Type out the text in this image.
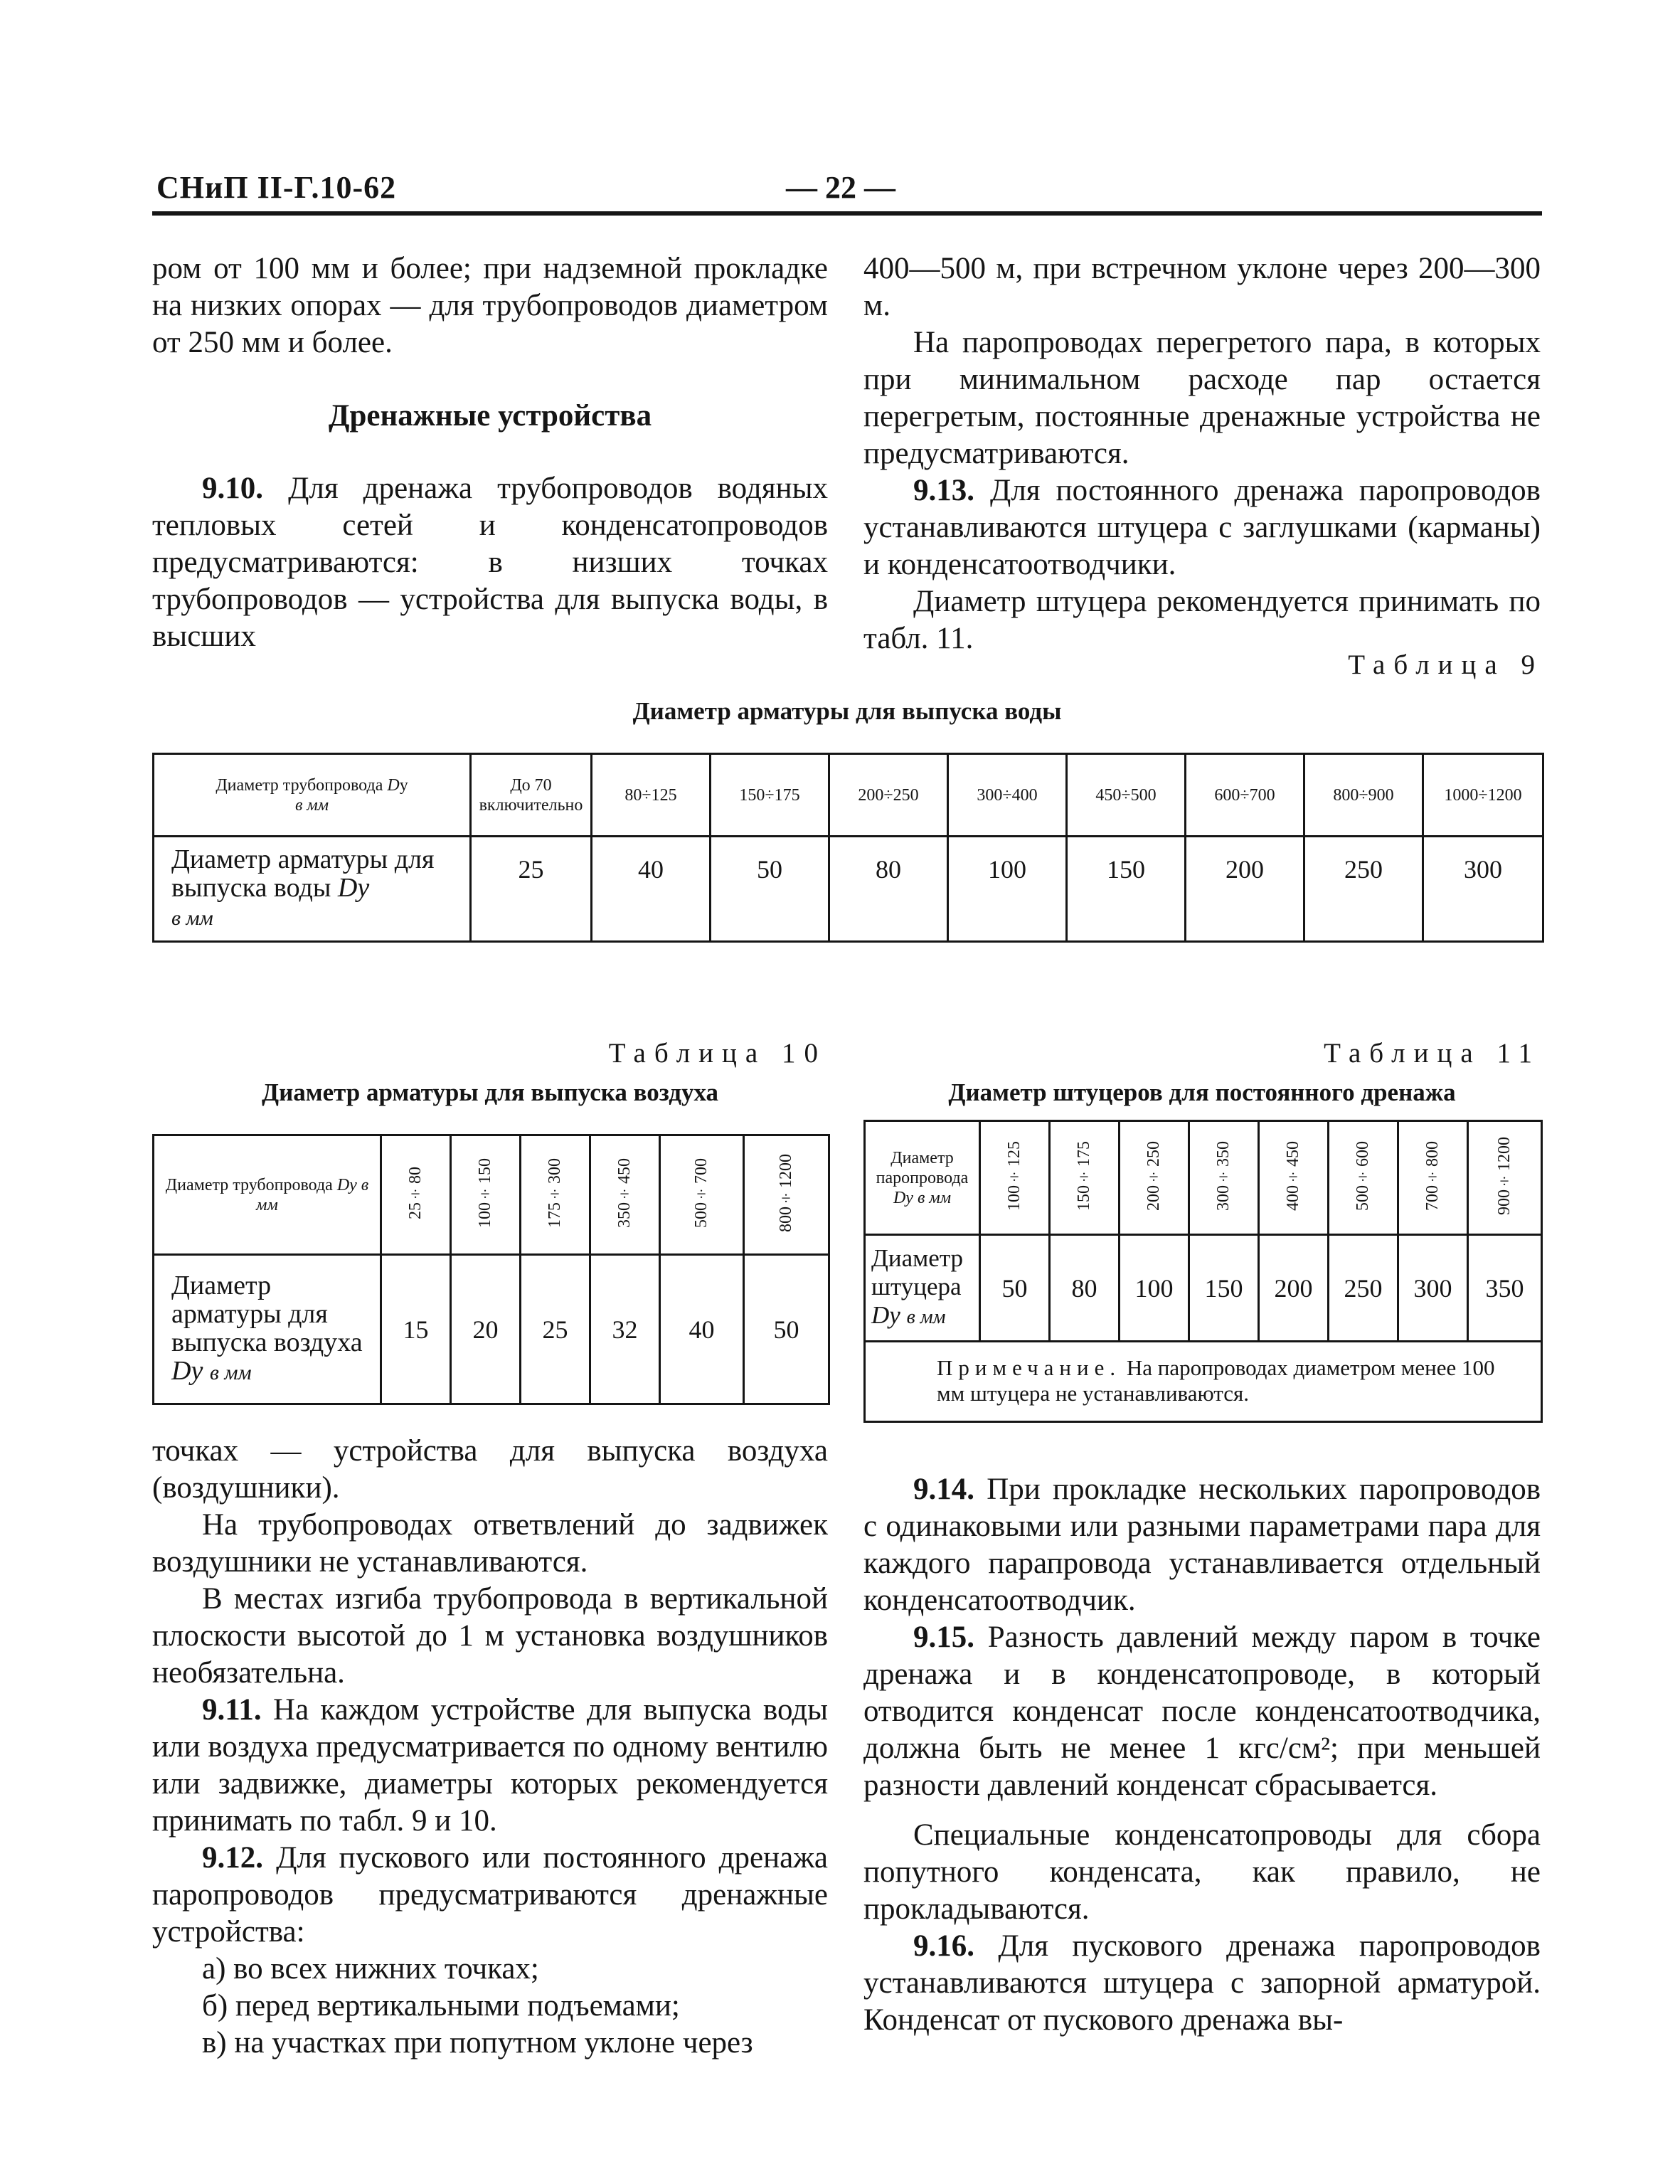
СНиП II-Г.10-62	— 22 —

ром от 100 мм и более; при надземной прокладке на низких опорах — для трубопроводов диаметром от 250 мм и более.

Дренажные устройства

9.10. Для дренажа трубопроводов водяных тепловых сетей и конденсатопроводов предусматриваются: в низших точках трубопроводов — устройства для выпуска воды, в высших

400—500 м, при встречном уклоне через 200—300 м.

На паропроводах перегретого пара, в которых при минимальном расходе пар остается перегретым, постоянные дренажные устройства не предусматриваются.

9.13. Для постоянного дренажа паропроводов устанавливаются штуцера с заглушками (карманы) и конденсатоотводчики.

Диаметр штуцера рекомендуется принимать по табл. 11.

Таблица 9
Диаметр арматуры для выпуска воды
Диаметр трубопровода Dу
в мм	До 70 включительно	80÷125	150÷175	200÷250	300÷400	450÷500	600÷700	800÷900	1000÷1200
Диаметр арматуры для выпуска воды Dу
в мм	25	40	50	80	100	150	200	250	300
Таблица 10
Диаметр арматуры для выпуска воздуха
Диаметр трубопровода Dу в мм	25÷80	100÷150	175÷300	350÷450	500÷700	800÷1200
Диаметр арматуры для выпуска воздуха
Dу в мм	15	20	25	32	40	50
Таблица 11
Диаметр штуцеров для постоянного дренажа
Диаметр паропровода
Dу в мм	100÷125	150÷175	200÷250	300÷350	400÷450	500÷600	700÷800	900÷1200
Диаметр штуцера
Dу в мм	50	80	100	150	200	250	300	350
Примечание. На паропроводах диаметром менее 100 мм штуцера не устанавливаются.								

точках — устройства для выпуска воздуха (воздушники).

На трубопроводах ответвлений до задвижек воздушники не устанавливаются.

В местах изгиба трубопровода в вертикальной плоскости высотой до 1 м установка воздушников необязательна.

9.11. На каждом устройстве для выпуска воды или воздуха предусматривается по одному вентилю или задвижке, диаметры которых рекомендуется принимать по табл. 9 и 10.

9.12. Для пускового или постоянного дренажа паропроводов предусматриваются дренажные устройства:

а) во всех нижних точках;

б) перед вертикальными подъемами;

в) на участках при попутном уклоне через

9.14. При прокладке нескольких паропроводов с одинаковыми или разными параметрами пара для каждого парапровода устанавливается отдельный конденсатоотводчик.

9.15. Разность давлений между паром в точке дренажа и в конденсатопроводе, в который отводится конденсат после конденсатоотводчика, должна быть не менее 1 кгс/см²; при меньшей разности давлений конденсат сбрасывается.

Специальные конденсатопроводы для сбора попутного конденсата, как правило, не прокладываются.

9.16. Для пускового дренажа паропроводов устанавливаются штуцера с запорной арматурой. Конденсат от пускового дренажа вы-
